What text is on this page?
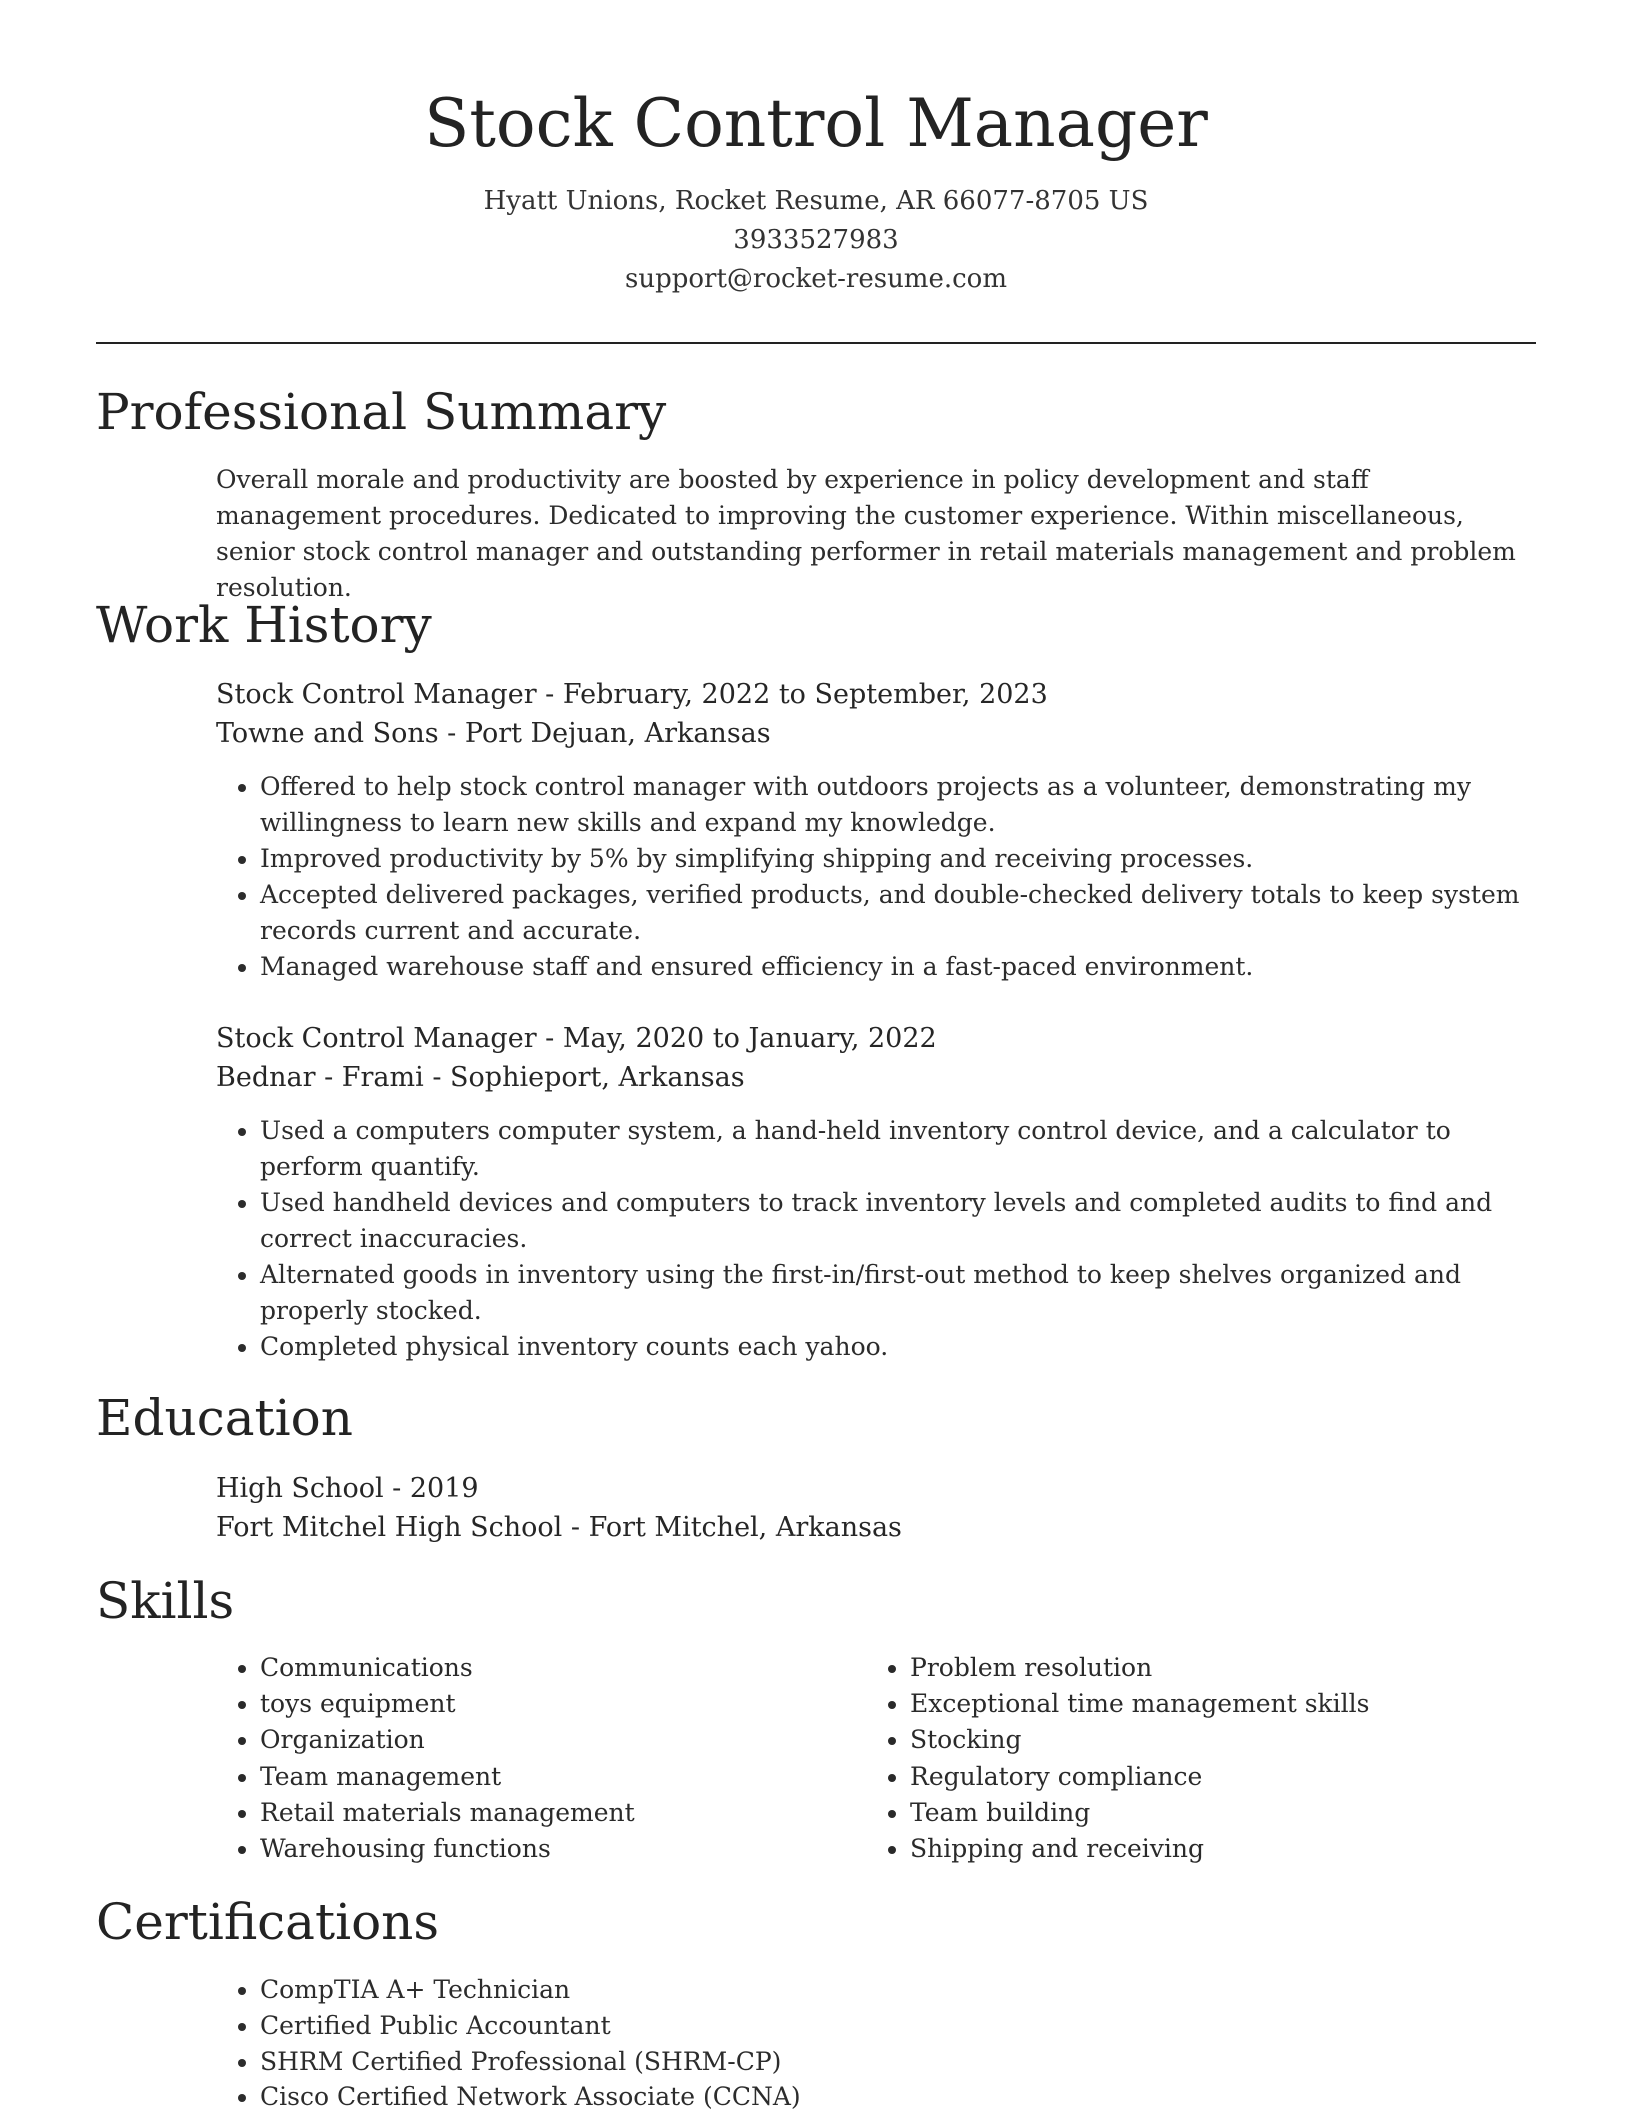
Stock Control Manager
Hyatt Unions, Rocket Resume, AR 66077-8705 US
3933527983
support@rocket-resume.com
Professional Summary
Overall morale and productivity are boosted by experience in policy development and staff management procedures. Dedicated to improving the customer experience. Within miscellaneous, senior stock control manager and outstanding performer in retail materials management and problem resolution.
Work History
Stock Control Manager - February, 2022 to September, 2023
Towne and Sons - Port Dejuan, Arkansas
• Offered to help stock control manager with outdoors projects as a volunteer, demonstrating my willingness to learn new skills and expand my knowledge.
• Improved productivity by 5% by simplifying shipping and receiving processes.
• Accepted delivered packages, verified products, and double-checked delivery totals to keep system records current and accurate.
• Managed warehouse staff and ensured efficiency in a fast-paced environment.
Stock Control Manager - May, 2020 to January, 2022
Bednar - Frami - Sophieport, Arkansas
• Used a computers computer system, a hand-held inventory control device, and a calculator to perform quantify.
• Used handheld devices and computers to track inventory levels and completed audits to find and correct inaccuracies.
• Alternated goods in inventory using the first-in/first-out method to keep shelves organized and properly stocked.
• Completed physical inventory counts each yahoo.
Education
High School - 2019
Fort Mitchel High School - Fort Mitchel, Arkansas
Skills
• Communications
• toys equipment
• Organization
• Team management
• Retail materials management
• Warehousing functions
• Problem resolution
• Exceptional time management skills
• Stocking
• Regulatory compliance
• Team building
• Shipping and receiving
Certifications
• CompTIA A+ Technician
• Certified Public Accountant
• SHRM Certified Professional (SHRM-CP)
• Cisco Certified Network Associate (CCNA)
